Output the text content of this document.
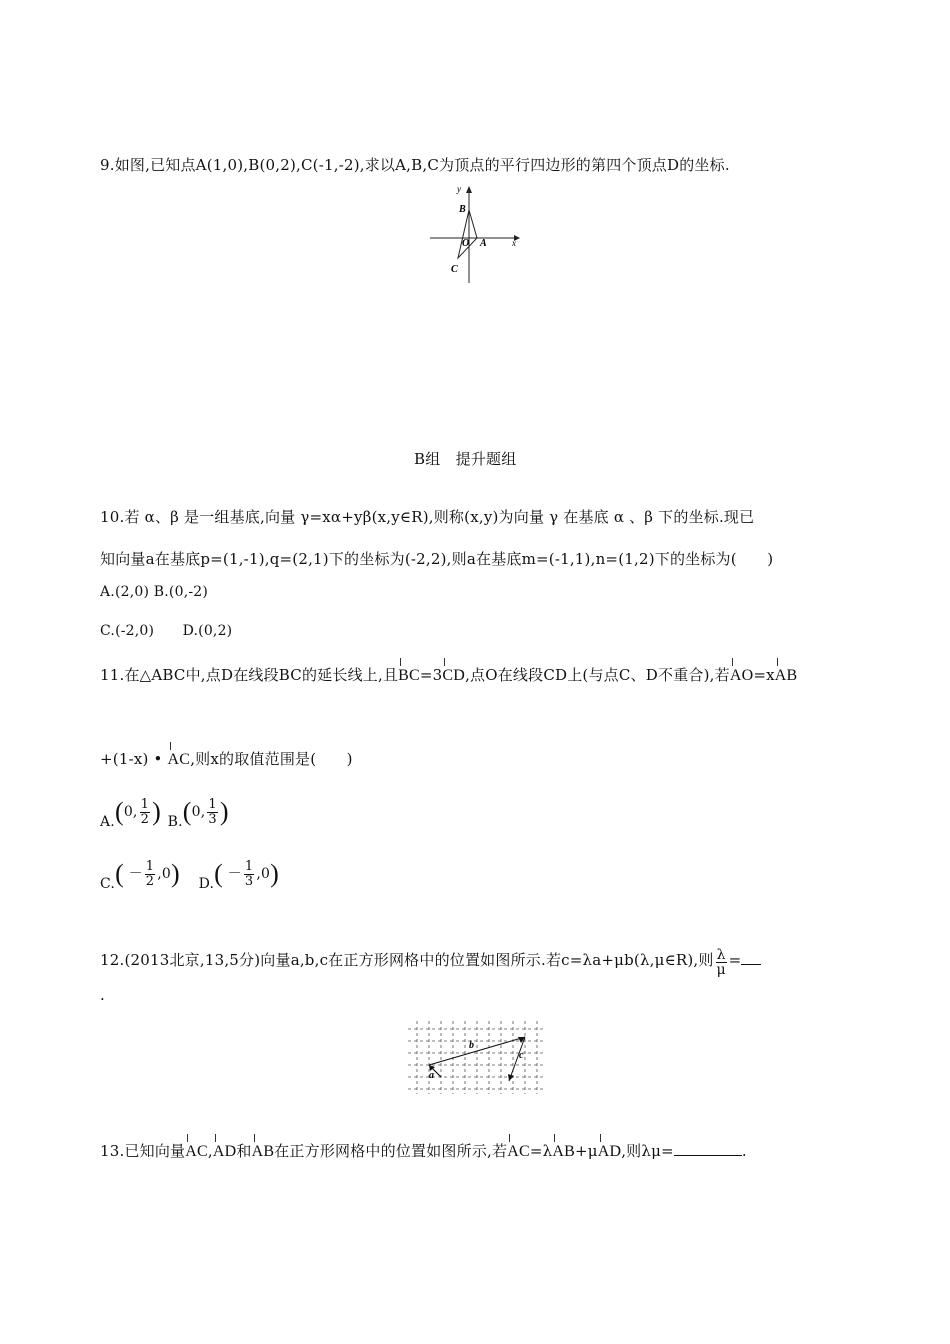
9.如图,已知点A(1,0),B(0,2),C(-1,-2),求以A,B,C为顶点的平行四边形的第四个顶点D的坐标.
y
x
B
O A
C
B组　提升题组
10.若 α、β 是一组基底,向量 γ=xα+yβ(x,y∈R),则称(x,y)为向量 γ 在基底 α 、β 下的坐标.现已
知向量a在基底p=(1,-1),q=(2,1)下的坐标为(-2,2),则a在基底m=(-1,1),n=(1,2)下的坐标为(　　)
A.(2,0) B.(0,-2)
C.(-2,0)　　D.(0,2)
11.在△ABC中,点D在线段BC的延长线上,且BC=3CD,点O在线段CD上(与点C、D不重合),若AO=xAB
+(1-x) • AC,则x的取值范围是(　　)
A.(0, $\frac{1}{2}$ ) B.(0, $\frac{1}{3}$ )
$C.( - \frac{1}{2} ,0)$ $D.( - \frac{1}{3} ,0)$
12.(2013北京,13,5分)向量a,b,c在正方形网格中的位置如图所示.若c=λa+μb(λ,μ∈R),则 $\frac{\lambda}{\mu}$ =
.
b
c
a
13.已知向量AC,AD和AB在正方形网格中的位置如图所示,若AC=λAB+μAD,则λμ=	.
